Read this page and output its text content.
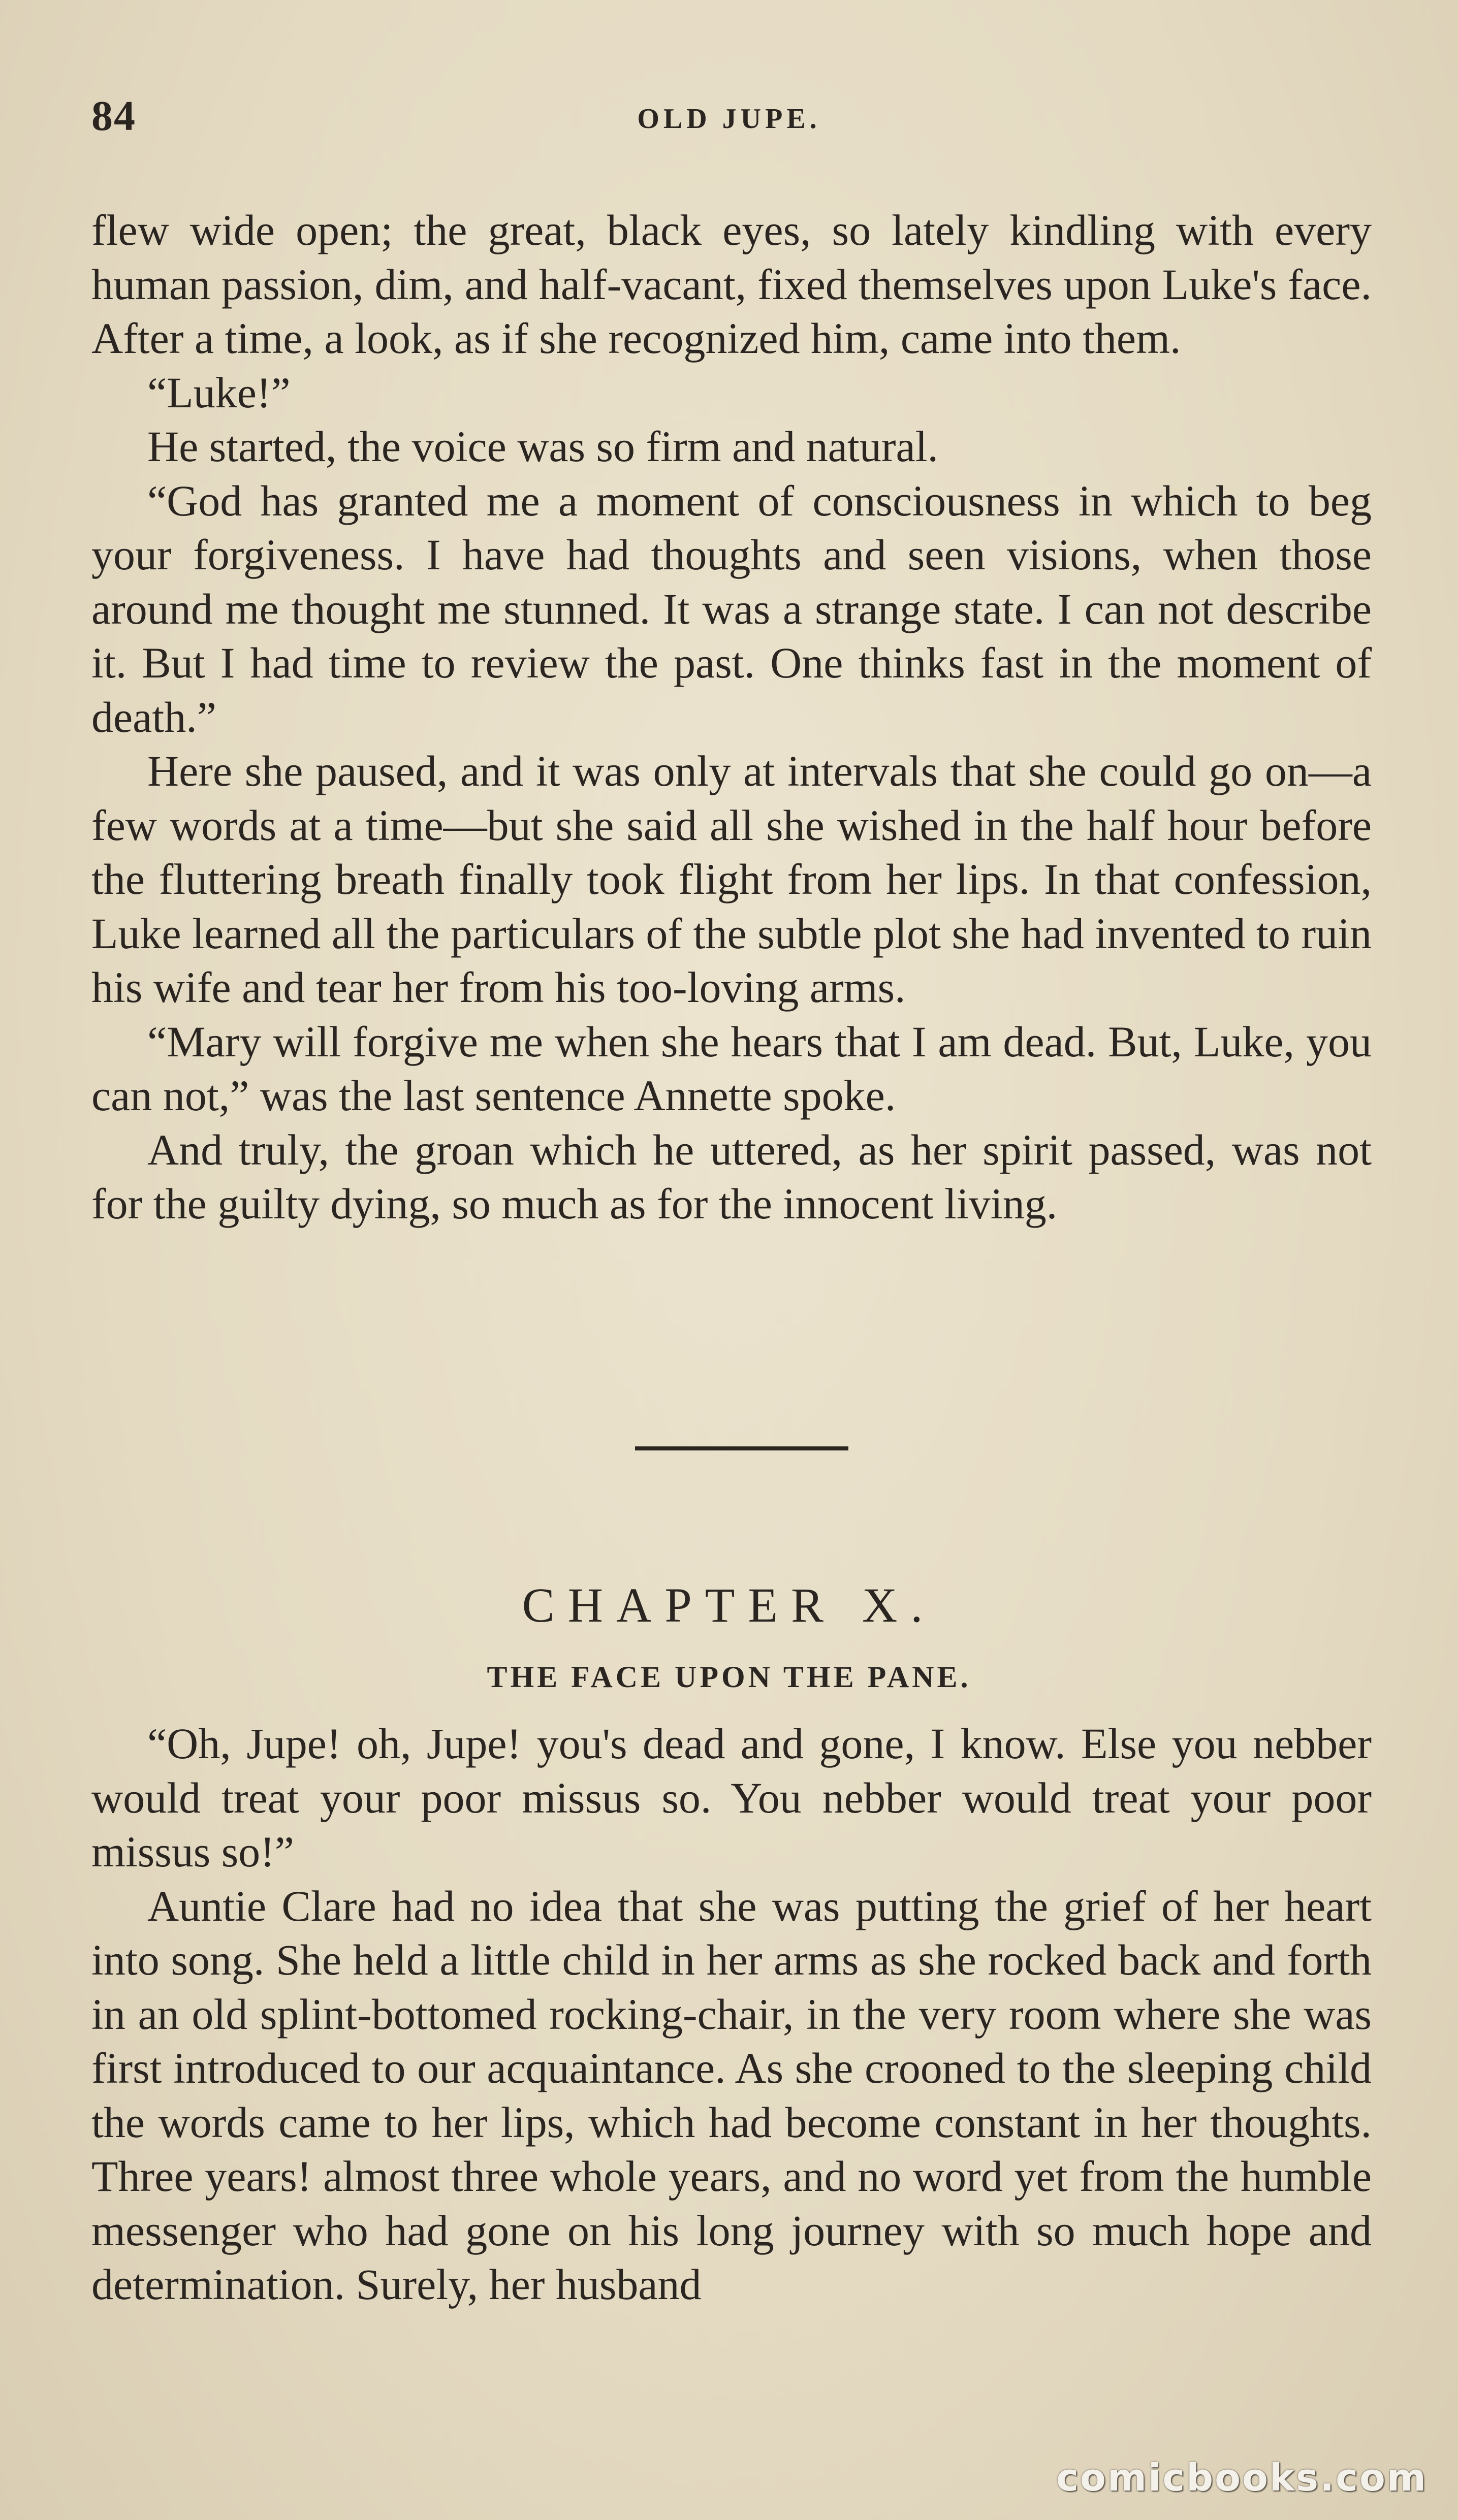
84	OLD JUPE.

flew wide open; the great, black eyes, so lately kindling with every human passion, dim, and half-vacant, fixed themselves upon Luke's face. After a time, a look, as if she recognized him, came into them.

“Luke!”

He started, the voice was so firm and natural.

“God has granted me a moment of consciousness in which to beg your forgiveness. I have had thoughts and seen visions, when those around me thought me stunned. It was a strange state. I can not describe it. But I had time to review the past. One thinks fast in the moment of death.”

Here she paused, and it was only at intervals that she could go on—a few words at a time—but she said all she wished in the half hour before the fluttering breath finally took flight from her lips. In that confession, Luke learned all the particulars of the subtle plot she had invented to ruin his wife and tear her from his too-loving arms.

“Mary will forgive me when she hears that I am dead. But, Luke, you can not,” was the last sentence Annette spoke.

And truly, the groan which he uttered, as her spirit passed, was not for the guilty dying, so much as for the innocent living.

CHAPTER X.
THE FACE UPON THE PANE.

“Oh, Jupe! oh, Jupe! you's dead and gone, I know. Else you nebber would treat your poor missus so. You nebber would treat your poor missus so!”

Auntie Clare had no idea that she was putting the grief of her heart into song. She held a little child in her arms as she rocked back and forth in an old splint-bottomed rocking-chair, in the very room where she was first introduced to our acquaintance. As she crooned to the sleeping child the words came to her lips, which had become constant in her thoughts. Three years! almost three whole years, and no word yet from the humble messenger who had gone on his long journey with so much hope and determination. Surely, her husband

comicbooks.com
